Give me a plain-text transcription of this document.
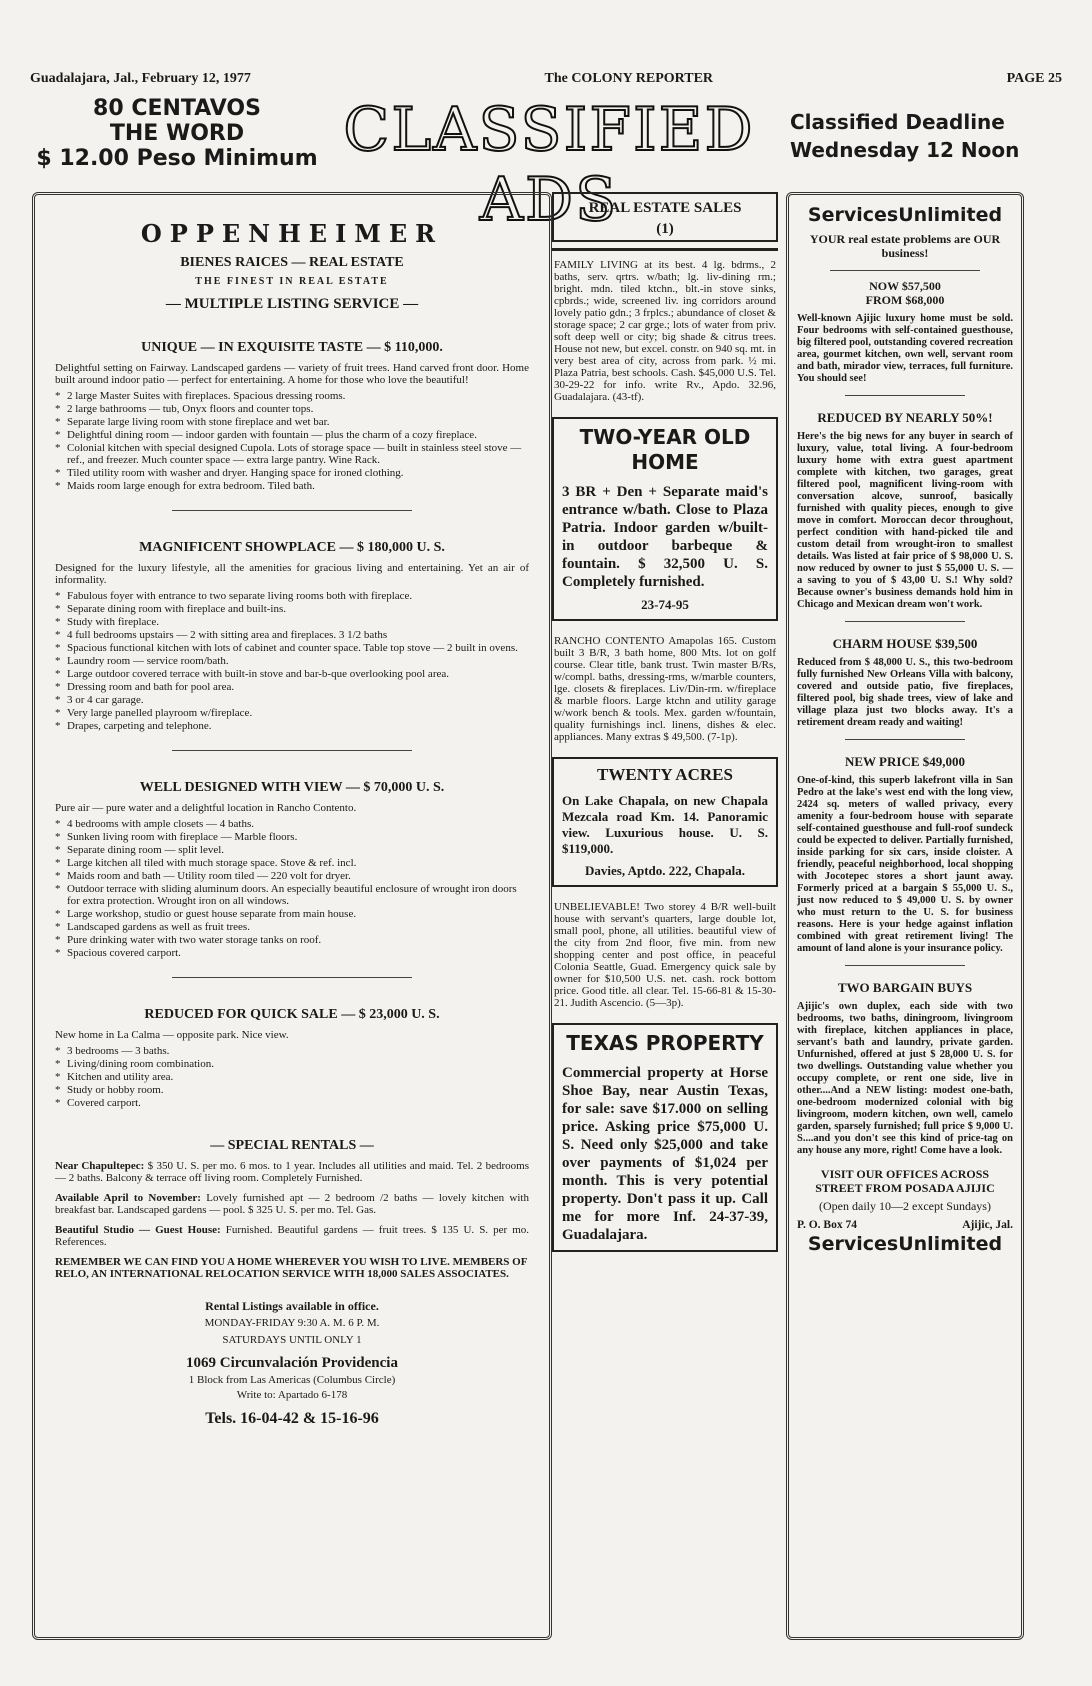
Guadalajara, Jal., February 12, 1977	The COLONY REPORTER	PAGE 25
80 CENTAVOS
THE WORD
$ 12.00 Peso Minimum CLASSIFIED ADS
Classified Deadline
Wednesday 12 Noon
OPPENHEIMER
BIENES RAICES — REAL ESTATE
THE FINEST IN REAL ESTATE
— MULTIPLE LISTING SERVICE —
UNIQUE — IN EXQUISITE TASTE — $ 110,000.
Delightful setting on Fairway. Landscaped gardens — variety of fruit trees. Hand carved front door. Home built around indoor patio — perfect for entertaining. A home for those who love the beautiful!
* 2 large Master Suites with fireplaces. Spacious dressing rooms.
* 2 large bathrooms — tub, Onyx floors and counter tops.
* Separate large living room with stone fireplace and wet bar.
* Delightful dining room — indoor garden with fountain — plus the charm of a cozy fireplace.
* Colonial kitchen with special designed Cupola. Lots of storage space — built in stainless steel stove — ref., and freezer. Much counter space — extra large pantry. Wine Rack.
* Tiled utility room with washer and dryer. Hanging space for ironed clothing.
* Maids room large enough for extra bedroom. Tiled bath.
MAGNIFICENT SHOWPLACE — $ 180,000 U. S.
Designed for the luxury lifestyle, all the amenities for gracious living and entertaining. Yet an air of informality.
* Fabulous foyer with entrance to two separate living rooms both with fireplace.
* Separate dining room with fireplace and built-ins.
* Study with fireplace.
* 4 full bedrooms upstairs — 2 with sitting area and fireplaces. 3 1/2 baths
* Spacious functional kitchen with lots of cabinet and counter space. Table top stove — 2 built in ovens.
* Laundry room — service room/bath.
* Large outdoor covered terrace with built-in stove and bar-b-que overlooking pool area.
* Dressing room and bath for pool area.
* 3 or 4 car garage.
* Very large panelled playroom w/fireplace.
* Drapes, carpeting and telephone.
WELL DESIGNED WITH VIEW — $ 70,000 U. S.
Pure air — pure water and a delightful location in Rancho Contento.
* 4 bedrooms with ample closets — 4 baths.
* Sunken living room with fireplace — Marble floors.
* Separate dining room — split level.
* Large kitchen all tiled with much storage space. Stove & ref. incl.
* Maids room and bath — Utility room tiled — 220 volt for dryer.
* Outdoor terrace with sliding aluminum doors. An especially beautiful enclosure of wrought iron doors for extra protection. Wrought iron on all windows.
* Large workshop, studio or guest house separate from main house.
* Landscaped gardens as well as fruit trees.
* Pure drinking water with two water storage tanks on roof.
* Spacious covered carport.
REDUCED FOR QUICK SALE — $ 23,000 U. S.
New home in La Calma — opposite park. Nice view.
* 3 bedrooms — 3 baths.
* Living/dining room combination.
* Kitchen and utility area.
* Study or hobby room.
* Covered carport.
— SPECIAL RENTALS —

Near Chapultepec: $ 350 U. S. per mo. 6 mos. to 1 year. Includes all utilities and maid. Tel. 2 bedrooms — 2 baths. Balcony & terrace off living room. Completely Furnished.

Available April to November: Lovely furnished apt — 2 bedroom /2 baths — lovely kitchen with breakfast bar. Landscaped gardens — pool. $ 325 U. S. per mo. Tel. Gas.

Beautiful Studio — Guest House: Furnished. Beautiful gardens — fruit trees. $ 135 U. S. per mo. References.

REMEMBER WE CAN FIND YOU A HOME WHEREVER YOU WISH TO LIVE. MEMBERS OF RELO, AN INTERNATIONAL RELOCATION SERVICE WITH 18,000 SALES ASSOCIATES.
Rental Listings available in office.
MONDAY-FRIDAY 9:30 A. M. 6 P. M.
SATURDAYS UNTIL ONLY 1
1069 Circunvalación Providencia
1 Block from Las Americas (Columbus Circle)
Write to: Apartado 6-178
Tels. 16-04-42 & 15-16-96
REAL ESTATE SALES
(1)
FAMILY LIVING at its best. 4 lg. bdrms., 2 baths, serv. qrtrs. w/bath; lg. liv-dining rm.; bright. mdn. tiled ktchn., blt.-in stove sinks, cpbrds.; wide, screened liv. ing corridors around lovely patio gdn.; 3 frplcs.; abundance of closet & storage space; 2 car grge.; lots of water from priv. soft deep well or city; big shade & citrus trees. House not new, but excel. constr. on 940 sq. mt. in very best area of city, across from park. ½ mi. Plaza Patria, best schools. Cash. $45,000 U.S. Tel. 30-29-22 for info. write Rv., Apdo. 32.96, Guadalajara. (43-tf).
TWO-YEAR OLD HOME
3 BR + Den + Separate maid's entrance w/bath. Close to Plaza Patria. Indoor garden w/built-in outdoor barbeque & fountain. $ 32,500 U. S. Completely furnished.
23-74-95
RANCHO CONTENTO Amapolas 165. Custom built 3 B/R, 3 bath home, 800 Mts. lot on golf course. Clear title, bank trust. Twin master B/Rs, w/compl. baths, dressing-rms, w/marble counters, lge. closets & fireplaces. Liv/Din-rm. w/fireplace & marble floors. Large ktchn and utility garage w/work bench & tools. Mex. garden w/fountain, quality furnishings incl. linens, dishes & elec. appliances. Many extras $ 49,500. (7-1p).
TWENTY ACRES
On Lake Chapala, on new Chapala Mezcala road Km. 14. Panoramic view. Luxurious house. U. S. $119,000.
Davies, Aptdo. 222, Chapala.
UNBELIEVABLE! Two storey 4 B/R well-built house with servant's quarters, large double lot, small pool, phone, all utilities. beautiful view of the city from 2nd floor, five min. from new shopping center and post office, in peaceful Colonia Seattle, Guad. Emergency quick sale by owner for $10,500 U.S. net. cash. rock bottom price. Good title. all clear. Tel. 15-66-81 & 15-30-21. Judith Ascencio. (5—3p).
TEXAS PROPERTY
Commercial property at Horse Shoe Bay, near Austin Texas, for sale: save $17.000 on selling price. Asking price $75,000 U. S. Need only $25,000 and take over payments of $1,024 per month. This is very potential property. Don't pass it up. Call me for more Inf. 24-37-39, Guadalajara.
ServicesUnlimited
YOUR real estate problems are OUR business!
NOW $57,500
FROM $68,000
Well-known Ajijic luxury home must be sold. Four bedrooms with self-contained guesthouse, big filtered pool, outstanding covered recreation area, gourmet kitchen, own well, servant room and bath, mirador view, terraces, full furniture. You should see!
REDUCED BY NEARLY 50%!
Here's the big news for any buyer in search of luxury, value, total living. A four-bedroom luxury home with extra guest apartment complete with kitchen, two garages, great filtered pool, magnificent living-room with conversation alcove, sunroof, basically furnished with quality pieces, enough to give move in comfort. Moroccan decor throughout, perfect condition with hand-picked tile and custom detail from wrought-iron to smallest details. Was listed at fair price of $ 98,000 U. S. now reduced by owner to just $ 55,000 U. S. — a saving to you of $ 43,00 U. S.! Why sold? Because owner's business demands hold him in Chicago and Mexican dream won't work.
CHARM HOUSE $39,500
Reduced from $ 48,000 U. S., this two-bedroom fully furnished New Orleans Villa with balcony, covered and outside patio, five fireplaces, filtered pool, big shade trees, view of lake and village plaza just two blocks away. It's a retirement dream ready and waiting!
NEW PRICE $49,000
One-of-kind, this superb lakefront villa in San Pedro at the lake's west end with the long view, 2424 sq. meters of walled privacy, every amenity a four-bedroom house with separate self-contained guesthouse and full-roof sundeck could be expected to deliver. Partially furnished, inside parking for six cars, inside cloister. A friendly, peaceful neighborhood, local shopping with Jocotepec stores a short jaunt away. Formerly priced at a bargain $ 55,000 U. S., just now reduced to $ 49,000 U. S. by owner who must return to the U. S. for business reasons. Here is your hedge against inflation combined with great retirement living! The amount of land alone is your insurance policy.
TWO BARGAIN BUYS
Ajijic's own duplex, each side with two bedrooms, two baths, diningroom, livingroom with fireplace, kitchen appliances in place, servant's bath and laundry, private garden. Unfurnished, offered at just $ 28,000 U. S. for two dwellings. Outstanding value whether you occupy complete, or rent one side, live in other....And a NEW listing: modest one-bath, one-bedroom modernized colonial with big livingroom, modern kitchen, own well, camelo garden, sparsely furnished; full price $ 9,000 U. S....and you don't see this kind of price-tag on any house any more, right! Come have a look.
VISIT OUR OFFICES ACROSS STREET FROM POSADA AJIJIC
(Open daily 10—2 except Sundays)
P. O. Box 74	Ajijic, Jal.
ServicesUnlimited
